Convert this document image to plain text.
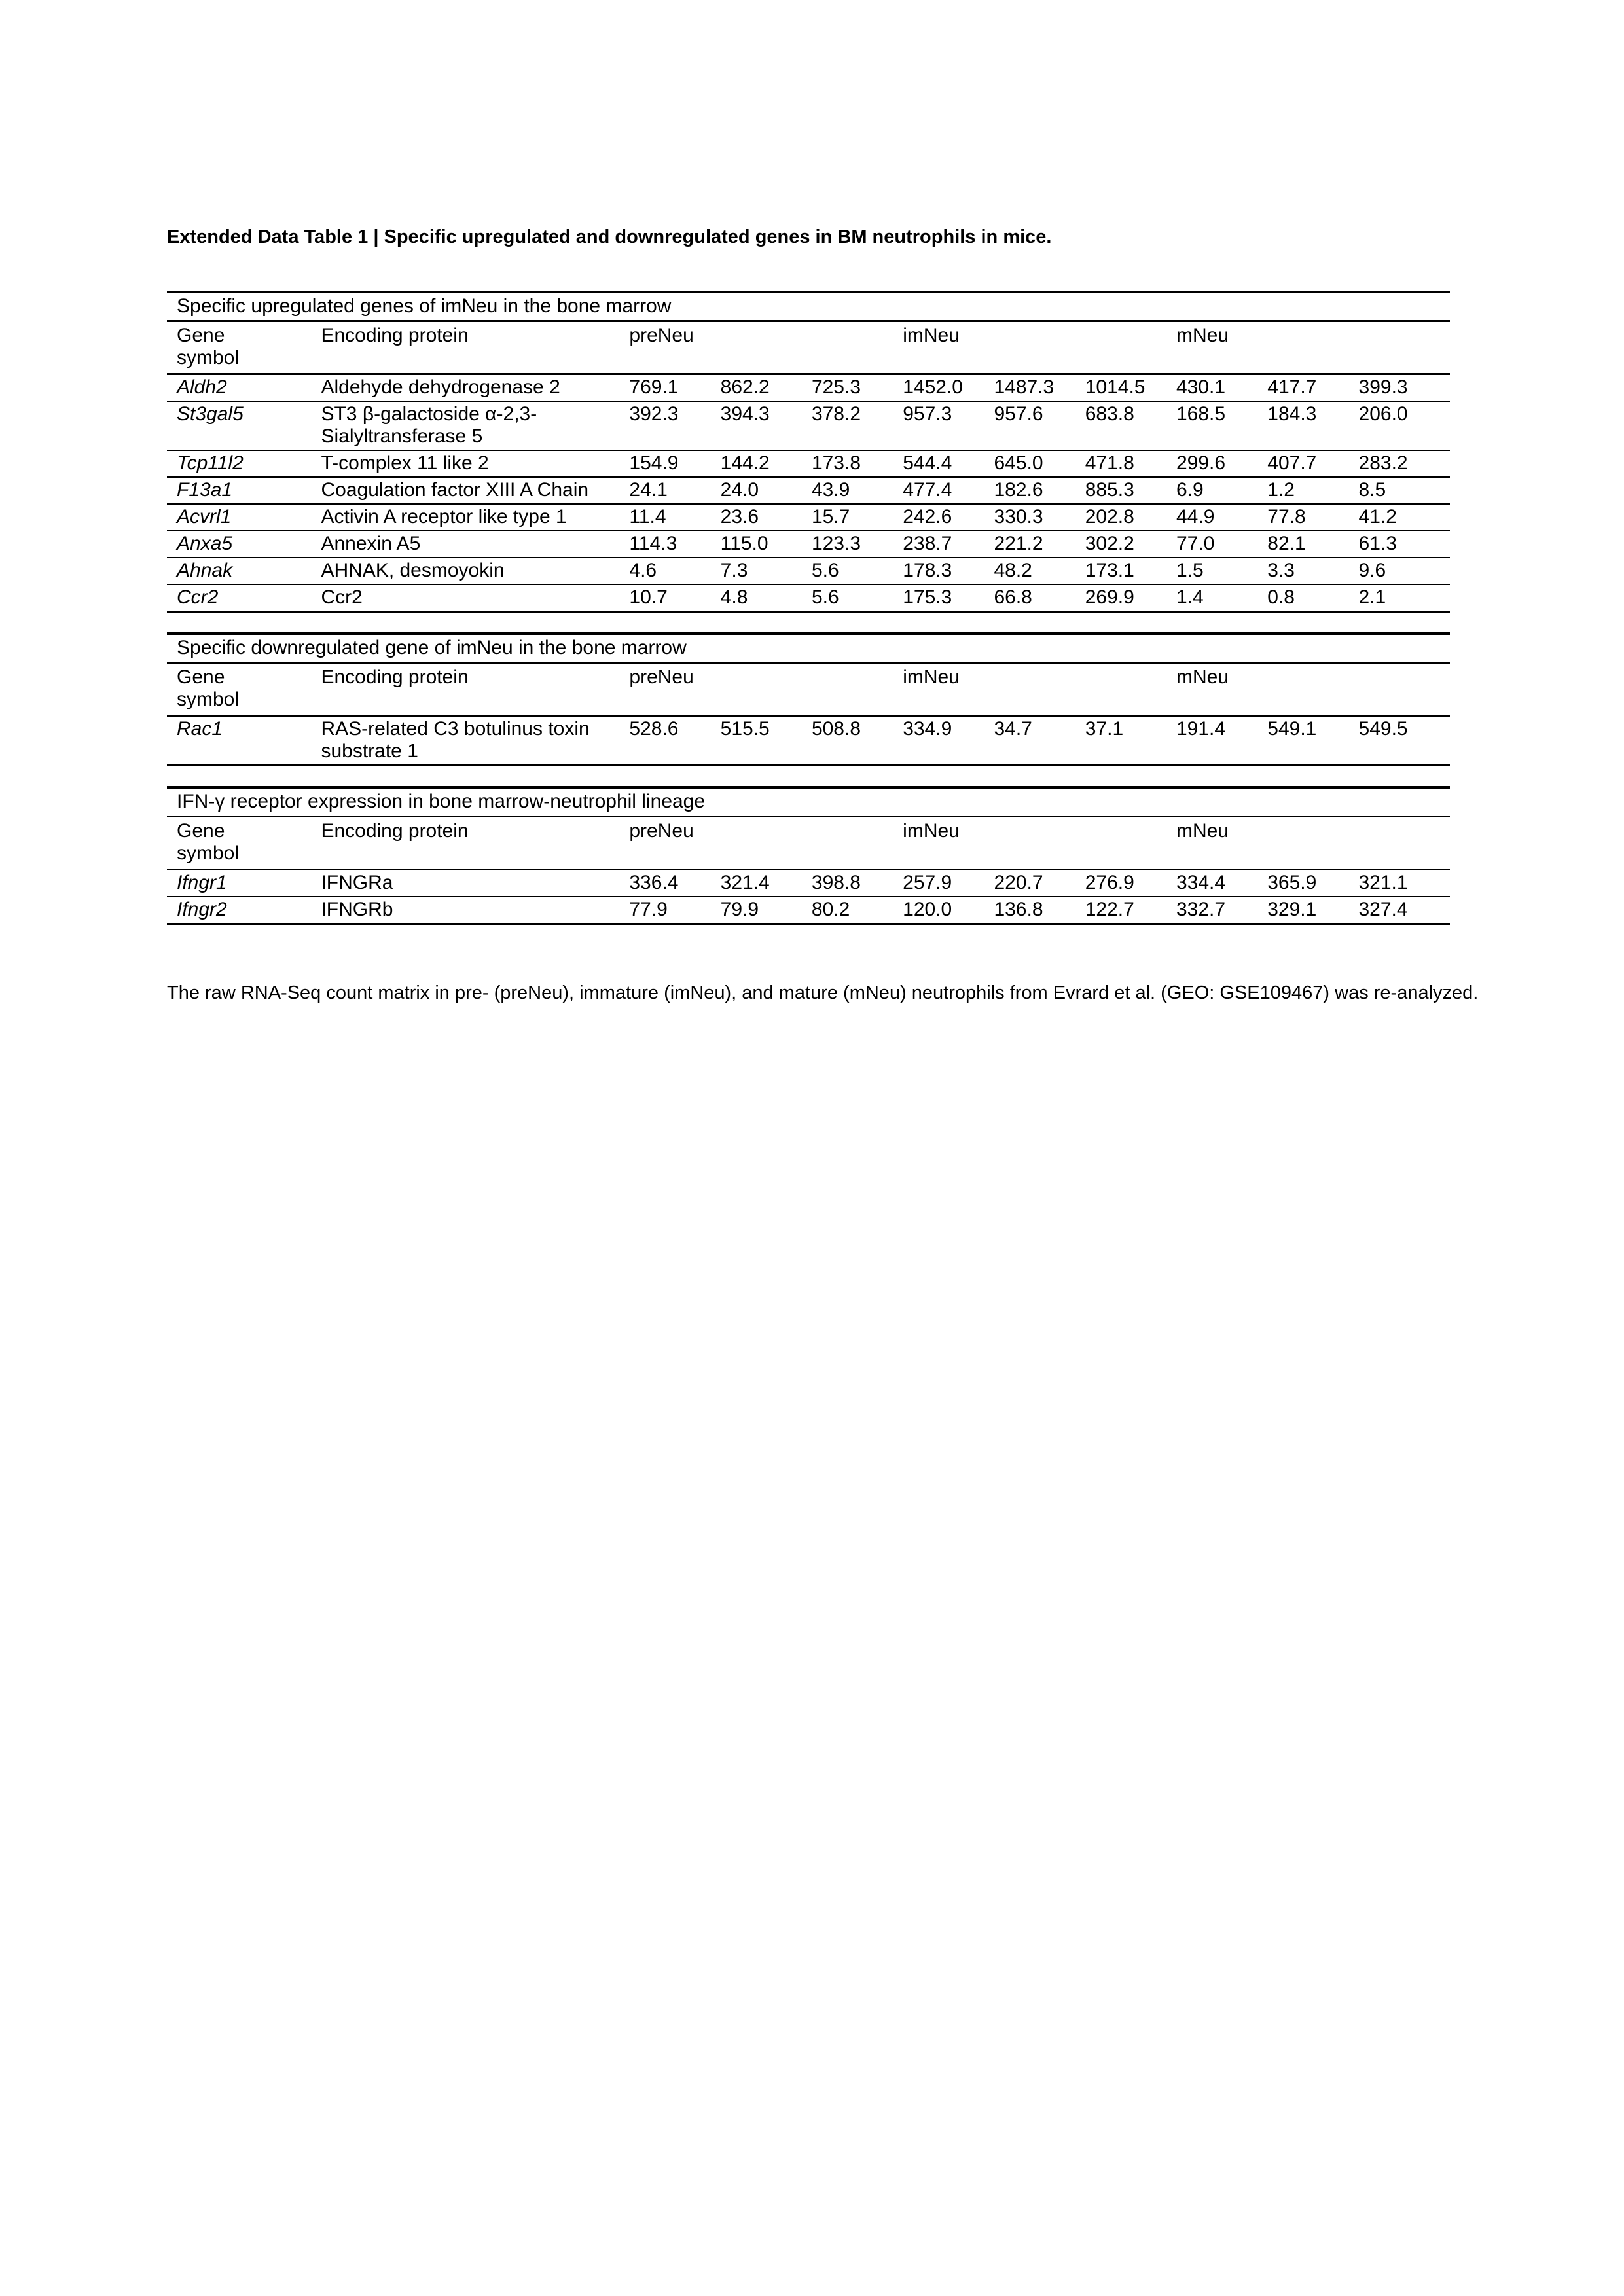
Extended Data Table 1 | Specific upregulated and downregulated genes in BM neutrophils in mice.
Specific upregulated genes of imNeu in the bone marrow										
Gene symbol	Encoding protein	preNeu			imNeu			mNeu		
Aldh2	Aldehyde dehydrogenase 2	769.1	862.2	725.3	1452.0	1487.3	1014.5	430.1	417.7	399.3
St3gal5	ST3 β-galactoside α-2,3-Sialyltransferase 5	392.3	394.3	378.2	957.3	957.6	683.8	168.5	184.3	206.0
Tcp11l2	T-complex 11 like 2	154.9	144.2	173.8	544.4	645.0	471.8	299.6	407.7	283.2
F13a1	Coagulation factor XIII A Chain	24.1	24.0	43.9	477.4	182.6	885.3	6.9	1.2	8.5
Acvrl1	Activin A receptor like type 1	11.4	23.6	15.7	242.6	330.3	202.8	44.9	77.8	41.2
Anxa5	Annexin A5	114.3	115.0	123.3	238.7	221.2	302.2	77.0	82.1	61.3
Ahnak	AHNAK, desmoyokin	4.6	7.3	5.6	178.3	48.2	173.1	1.5	3.3	9.6
Ccr2	Ccr2	10.7	4.8	5.6	175.3	66.8	269.9	1.4	0.8	2.1
Specific downregulated gene of imNeu in the bone marrow										
Gene symbol	Encoding protein	preNeu			imNeu			mNeu		
Rac1	RAS-related C3 botulinus toxin substrate 1	528.6	515.5	508.8	334.9	34.7	37.1	191.4	549.1	549.5
IFN-γ receptor expression in bone marrow-neutrophil lineage										
Gene symbol	Encoding protein	preNeu			imNeu			mNeu		
Ifngr1	IFNGRa	336.4	321.4	398.8	257.9	220.7	276.9	334.4	365.9	321.1
Ifngr2	IFNGRb	77.9	79.9	80.2	120.0	136.8	122.7	332.7	329.1	327.4
The raw RNA-Seq count matrix in pre- (preNeu), immature (imNeu), and mature (mNeu) neutrophils from Evrard et al. (GEO: GSE109467) was re-analyzed.
